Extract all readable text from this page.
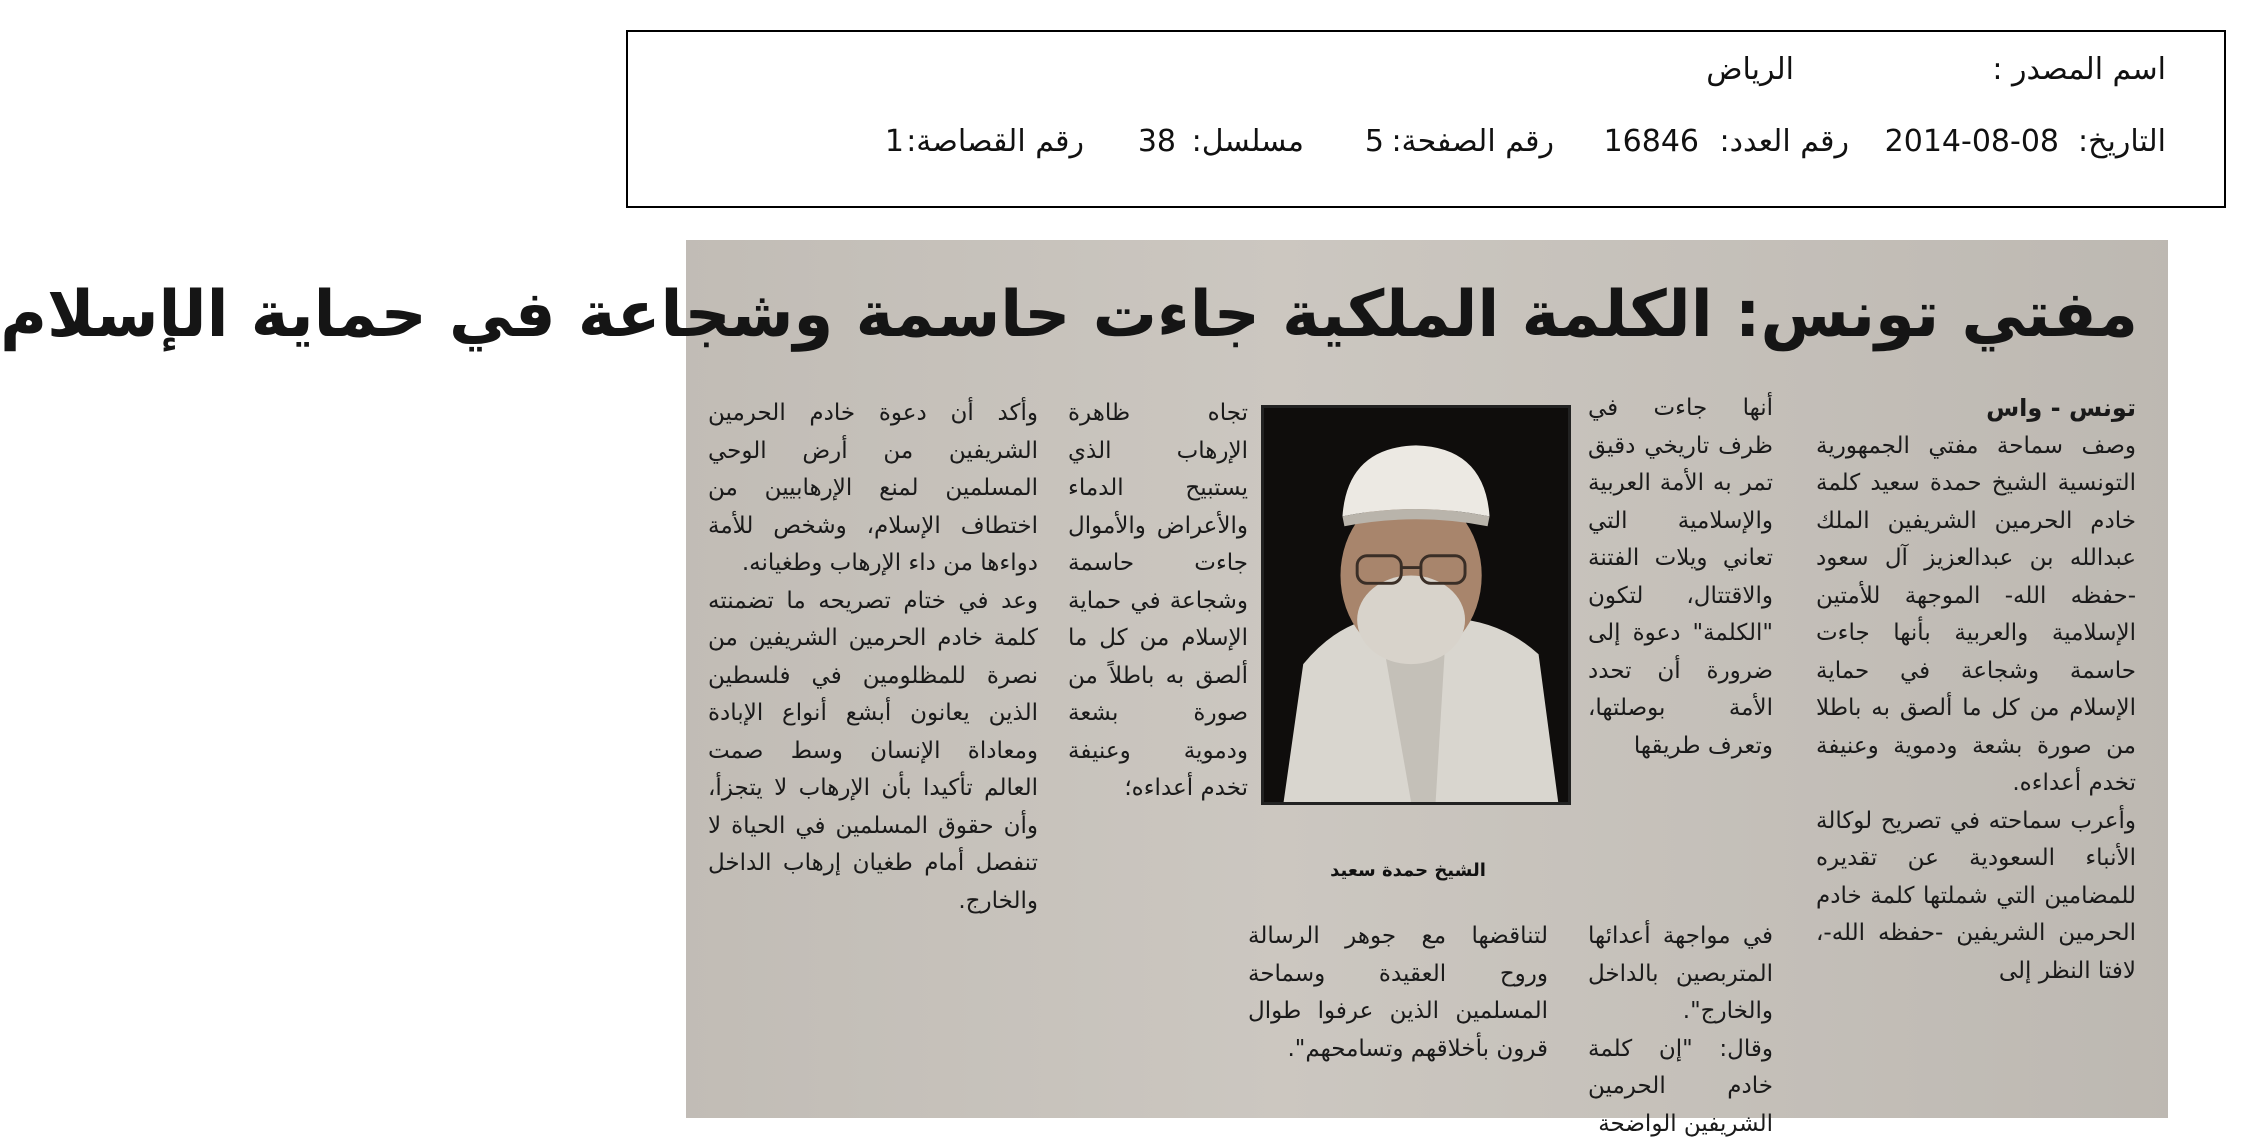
اسم المصدر :
الرياض
التاريخ:
2014-08-08
رقم العدد:
16846
رقم الصفحة:
5
مسلسل:
38
رقم القصاصة:
1
مفتي تونس: الكلمة الملكية جاءت حاسمة وشجاعة في حماية الإسلام

تونس - واس

وصف سماحة مفتي الجمهورية التونسية الشيخ حمدة سعيد كلمة خادم الحرمين الشريفين الملك عبدالله بن عبدالعزيز آل سعود -حفظه الله- الموجهة للأمتين الإسلامية والعربية بأنها جاءت حاسمة وشجاعة في حماية الإسلام من كل ما ألصق به باطلا من صورة بشعة ودموية وعنيفة تخدم أعداءه.

وأعرب سماحته في تصريح لوكالة الأنباء السعودية عن تقديره للمضامين التي شملتها كلمة خادم الحرمين الشريفين -حفظه الله-، لافتا النظر إلى

أنها جاءت في ظرف تاريخي دقيق تمر به الأمة العربية والإسلامية التي تعاني ويلات الفتنة والاقتتال، لتكون "الكلمة" دعوة إلى ضرورة أن تحدد الأمة بوصلتها، وتعرف طريقها

الشيخ حمدة سعيد

تجاه ظاهرة الإرهاب الذي يستبيح الدماء والأعراض والأموال جاءت حاسمة وشجاعة في حماية الإسلام من كل ما ألصق به باطلاً من صورة بشعة ودموية وعنيفة تخدم أعداءه؛

وأكد أن دعوة خادم الحرمين الشريفين من أرض الوحي المسلمين لمنع الإرهابيين من اختطاف الإسلام، وشخص للأمة دواءها من داء الإرهاب وطغيانه.

وعد في ختام تصريحه ما تضمنته كلمة خادم الحرمين الشريفين من نصرة للمظلومين في فلسطين الذين يعانون أبشع أنواع الإبادة ومعاداة الإنسان وسط صمت العالم تأكيدا بأن الإرهاب لا يتجزأ، وأن حقوق المسلمين في الحياة لا تنفصل أمام طغيان إرهاب الداخل والخارج.

في مواجهة أعدائها المتربصين بالداخل والخارج".

وقال: "إن كلمة خادم الحرمين الشريفين الواضحة

لتناقضها مع جوهر الرسالة وروح العقيدة وسماحة المسلمين الذين عرفوا طوال قرون بأخلاقهم وتسامحهم".
